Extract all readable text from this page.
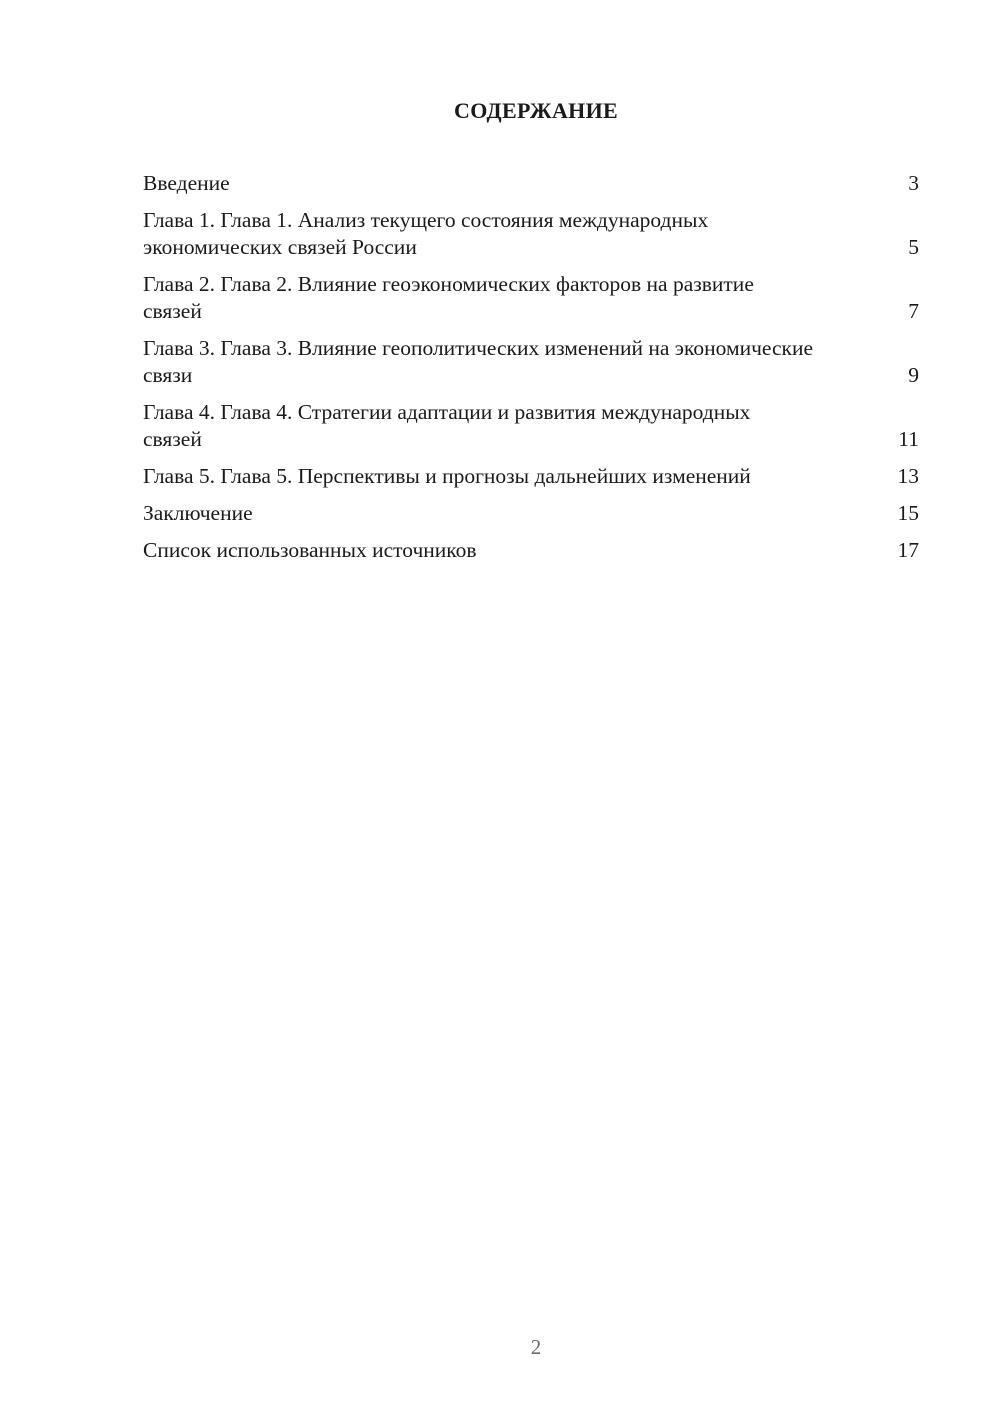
СОДЕРЖАНИЕ
Введение	3
Глава 1. Глава 1. Анализ текущего состояния международных экономических связей России	5
Глава 2. Глава 2. Влияние геоэкономических факторов на развитие связей	7
Глава 3. Глава 3. Влияние геополитических изменений на экономические связи	9
Глава 4. Глава 4. Стратегии адаптации и развития международных связей	11
Глава 5. Глава 5. Перспективы и прогнозы дальнейших изменений	13
Заключение	15
Список использованных источников	17
2
